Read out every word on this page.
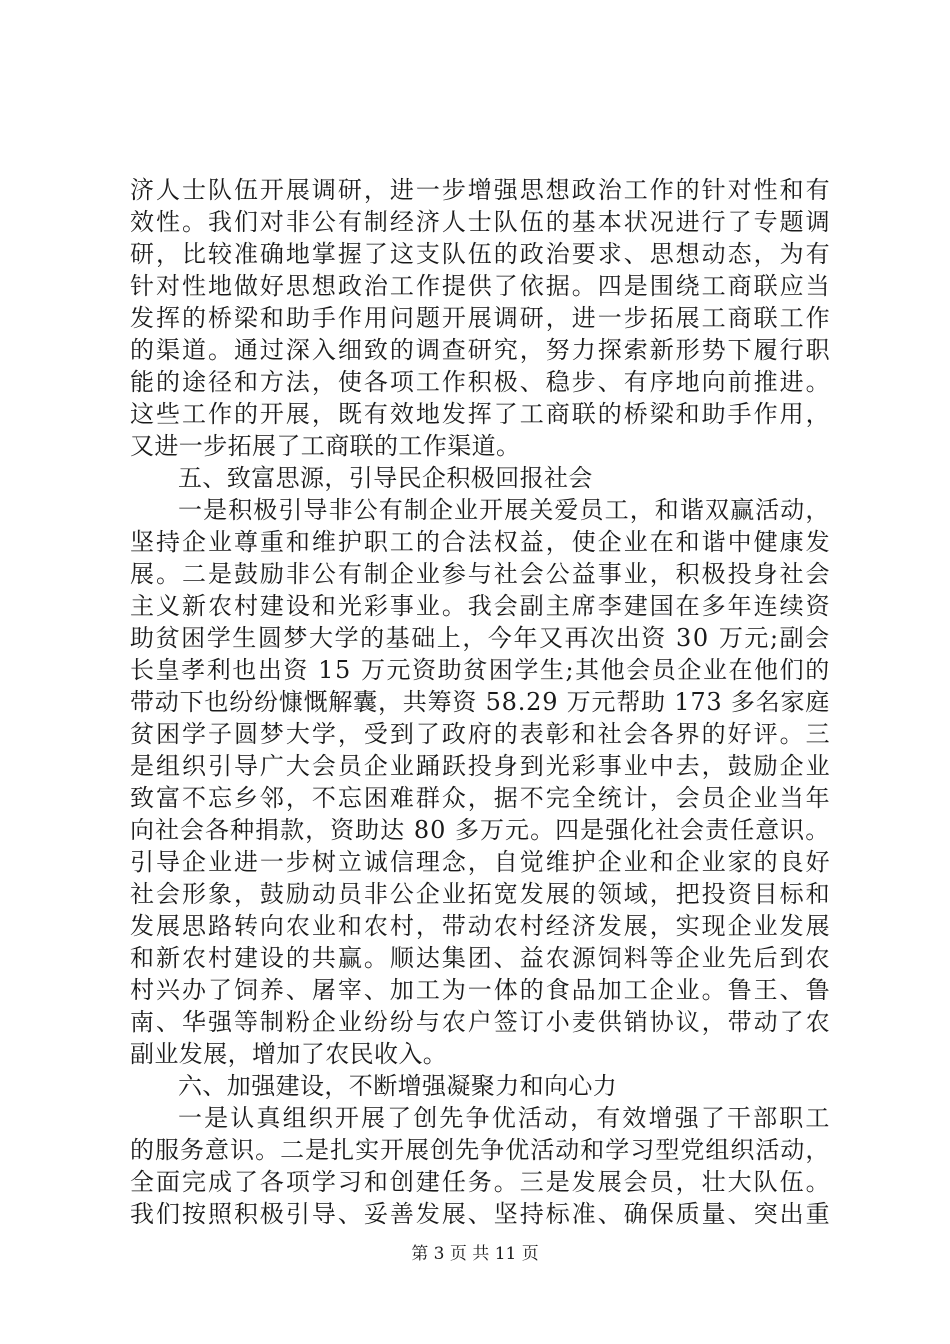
济 人 士 队 伍 开 展 调 研 ， 进 一 步 增 强 思 想 政 治 工 作 的 针 对 性 和 有
效 性 。 我 们 对 非 公 有 制 经 济 人 士 队 伍 的 基 本 状 况 进 行 了 专 题 调
研 ， 比 较 准 确 地 掌 握 了 这 支 队 伍 的 政 治 要 求 、 思 想 动 态 ， 为 有
针 对 性 地 做 好 思 想 政 治 工 作 提 供 了 依 据 。 四 是 围 绕 工 商 联 应 当
发 挥 的 桥 梁 和 助 手 作 用 问 题 开 展 调 研 ， 进 一 步 拓 展 工 商 联 工 作
的 渠 道 。 通 过 深 入 细 致 的 调 查 研 究 ， 努 力 探 索 新 形 势 下 履 行 职
能 的 途 径 和 方 法 ， 使 各 项 工 作 积 极 、 稳 步 、 有 序 地 向 前 推 进 。
这 些 工 作 的 开 展 ， 既 有 效 地 发 挥 了 工 商 联 的 桥 梁 和 助 手 作 用 ，
又进一步拓展了工商联的工作渠道。
五、致富思源，引导民企积极回报社会
一 是 积 极 引 导 非 公 有 制 企 业 开 展 关 爱 员 工 ， 和 谐 双 赢 活 动 ，
坚 持 企 业 尊 重 和 维 护 职 工 的 合 法 权 益 ， 使 企 业 在 和 谐 中 健 康 发
展 。 二 是 鼓 励 非 公 有 制 企 业 参 与 社 会 公 益 事 业 ， 积 极 投 身 社 会
主 义 新 农 村 建 设 和 光 彩 事 业 。 我 会 副 主 席 李 建 国 在 多 年 连 续 资
助 贫 困 学 生 圆 梦 大 学 的 基 础 上 ， 今 年 又 再 次 出 资
3 0
万 元 ; 副 会
长 皇 孝 利 也 出 资
1 5
万 元 资 助 贫 困 学 生 ; 其 他 会 员 企 业 在 他 们 的
带 动 下 也 纷 纷 慷 慨 解 囊 ， 共 筹 资
5 8 . 2 9
万 元 帮 助
1 7 3
多 名 家 庭
贫 困 学 子 圆 梦 大 学 ， 受 到 了 政 府 的 表 彰 和 社 会 各 界 的 好 评 。 三
是 组 织 引 导 广 大 会 员 企 业 踊 跃 投 身 到 光 彩 事 业 中 去 ， 鼓 励 企 业
致 富 不 忘 乡 邻 ， 不 忘 困 难 群 众 ， 据 不 完 全 统 计 ， 会 员 企 业 当 年
向 社 会 各 种 捐 款 ， 资 助 达
8 0
多 万 元 。 四 是 强 化 社 会 责 任 意 识 。
引 导 企 业 进 一 步 树 立 诚 信 理 念 ， 自 觉 维 护 企 业 和 企 业 家 的 良 好
社 会 形 象 ， 鼓 励 动 员 非 公 企 业 拓 宽 发 展 的 领 域 ， 把 投 资 目 标 和
发 展 思 路 转 向 农 业 和 农 村 ， 带 动 农 村 经 济 发 展 ， 实 现 企 业 发 展
和 新 农 村 建 设 的 共 赢 。 顺 达 集 团 、 益 农 源 饲 料 等 企 业 先 后 到 农
村 兴 办 了 饲 养 、 屠 宰 、 加 工 为 一 体 的 食 品 加 工 企 业 。 鲁 王 、 鲁
南 、 华 强 等 制 粉 企 业 纷 纷 与 农 户 签 订 小 麦 供 销 协 议 ， 带 动 了 农
副业发展，增加了农民收入。
六、加强建设，不断增强凝聚力和向心力
一 是 认 真 组 织 开 展 了 创 先 争 优 活 动 ， 有 效 增 强 了 干 部 职 工
的 服 务 意 识 。 二 是 扎 实 开 展 创 先 争 优 活 动 和 学 习 型 党 组 织 活 动 ，
全 面 完 成 了 各 项 学 习 和 创 建 任 务 。 三 是 发 展 会 员 ， 壮 大 队 伍 。
我 们 按 照 积 极 引 导 、 妥 善 发 展 、 坚 持 标 准 、 确 保 质 量 、 突 出 重
第 3 页 共 11 页
